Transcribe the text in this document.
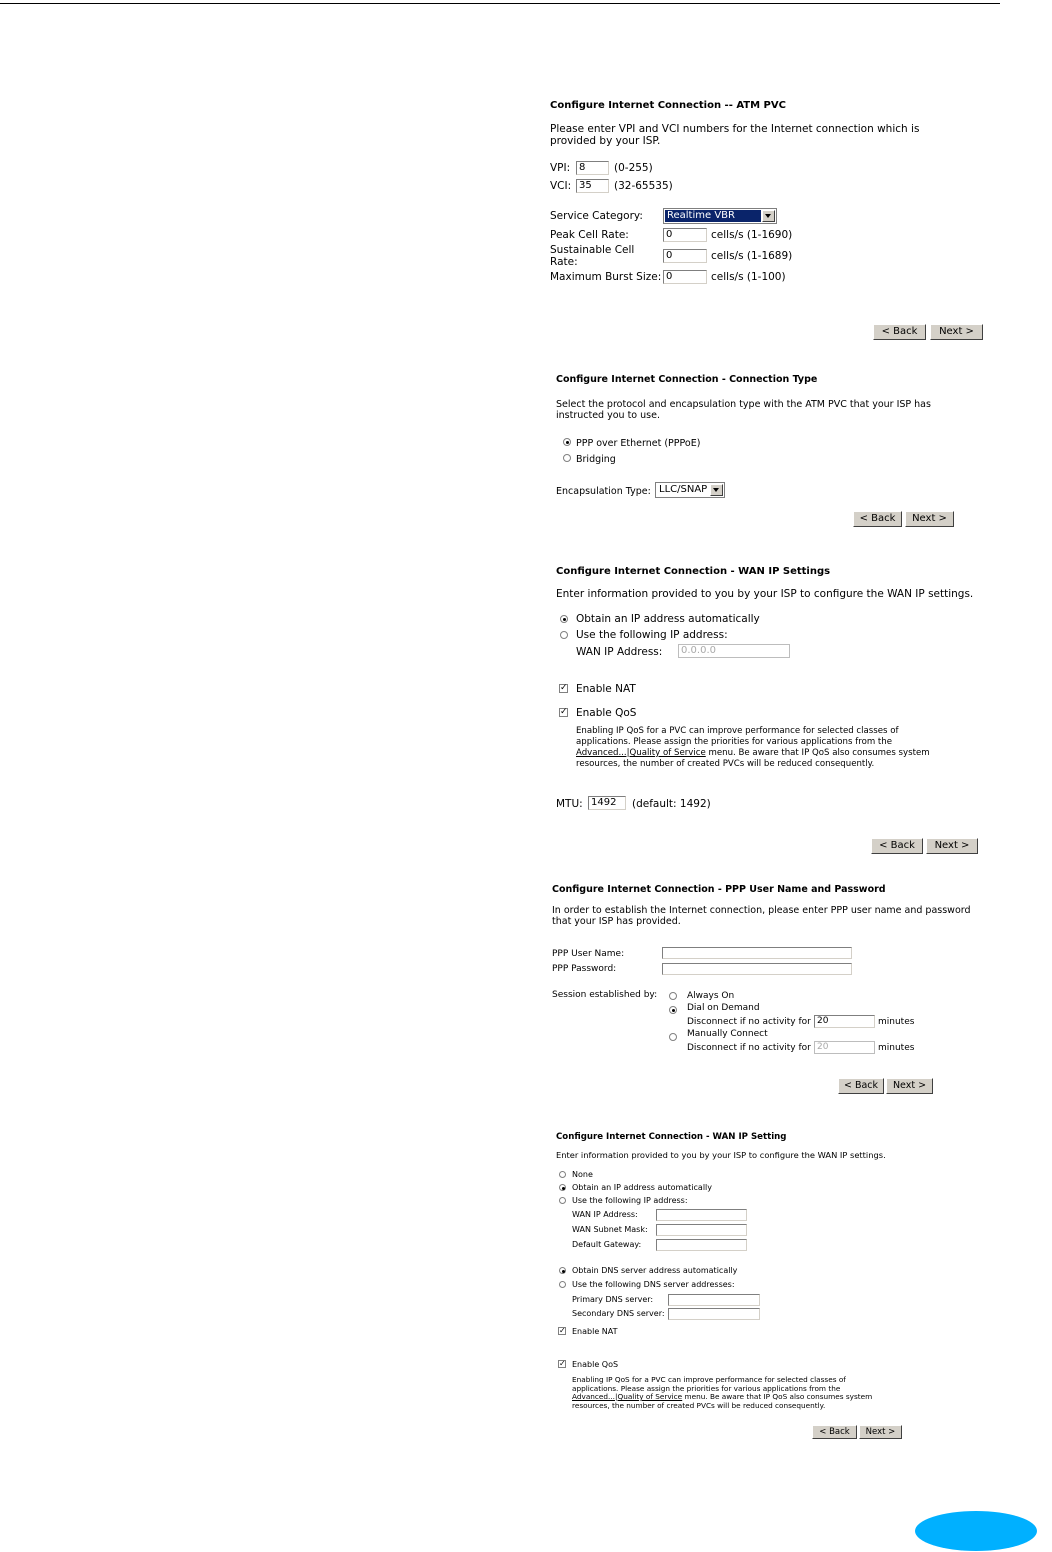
Configure Internet Connection -- ATM PVC
Please enter VPI and VCI numbers for the Internet connection which is
provided by your ISP.
VPI: 8	(0-255)
VCI: 35	(32-65535)
Service Category: Realtime VBR
Peak Cell Rate:	0	cells/s (1-1690)
Sustainable Cell
Rate:
0	cells/s (1-1689)
Maximum Burst Size: 0	cells/s (1-100)
< Back	Next >
Configure Internet Connection - Connection Type
Select the protocol and encapsulation type with the ATM PVC that your ISP has
instructed you to use.
PPP over Ethernet (PPPoE)
Bridging
Encapsulation Type: LLC/SNAP
< Back	Next >
Configure Internet Connection - WAN IP Settings
Enter information provided to you by your ISP to configure the WAN IP settings.
Obtain an IP address automatically
Use the following IP address:
WAN IP Address:	0.0.0.0
✓ Enable NAT
✓ Enable QoS
Enabling IP QoS for a PVC can improve performance for selected classes of
applications. Please assign the priorities for various applications from the
Advanced...|Quality of Service menu. Be aware that IP QoS also consumes system
resources, the number of created PVCs will be reduced consequently.
MTU: 1492	(default: 1492)
< Back	Next >
Configure Internet Connection - PPP User Name and Password
In order to establish the Internet connection, please enter PPP user name and password
that your ISP has provided.
PPP User Name:
PPP Password:
Session established by:	Always On
Dial on Demand
Disconnect if no activity for 20	minutes
Manually Connect
Disconnect if no activity for 20	minutes
< Back	Next >
Configure Internet Connection - WAN IP Setting
Enter information provided to you by your ISP to configure the WAN IP settings.
None
Obtain an IP address automatically
Use the following IP address:
WAN IP Address:
WAN Subnet Mask:
Default Gateway:
Obtain DNS server address automatically
Use the following DNS server addresses:
Primary DNS server:
Secondary DNS server:
✓ Enable NAT
✓ Enable QoS
Enabling IP QoS for a PVC can improve performance for selected classes of
applications. Please assign the priorities for various applications from the
Advanced...|Quality of Service menu. Be aware that IP QoS also consumes system
resources, the number of created PVCs will be reduced consequently.
< Back	Next >
